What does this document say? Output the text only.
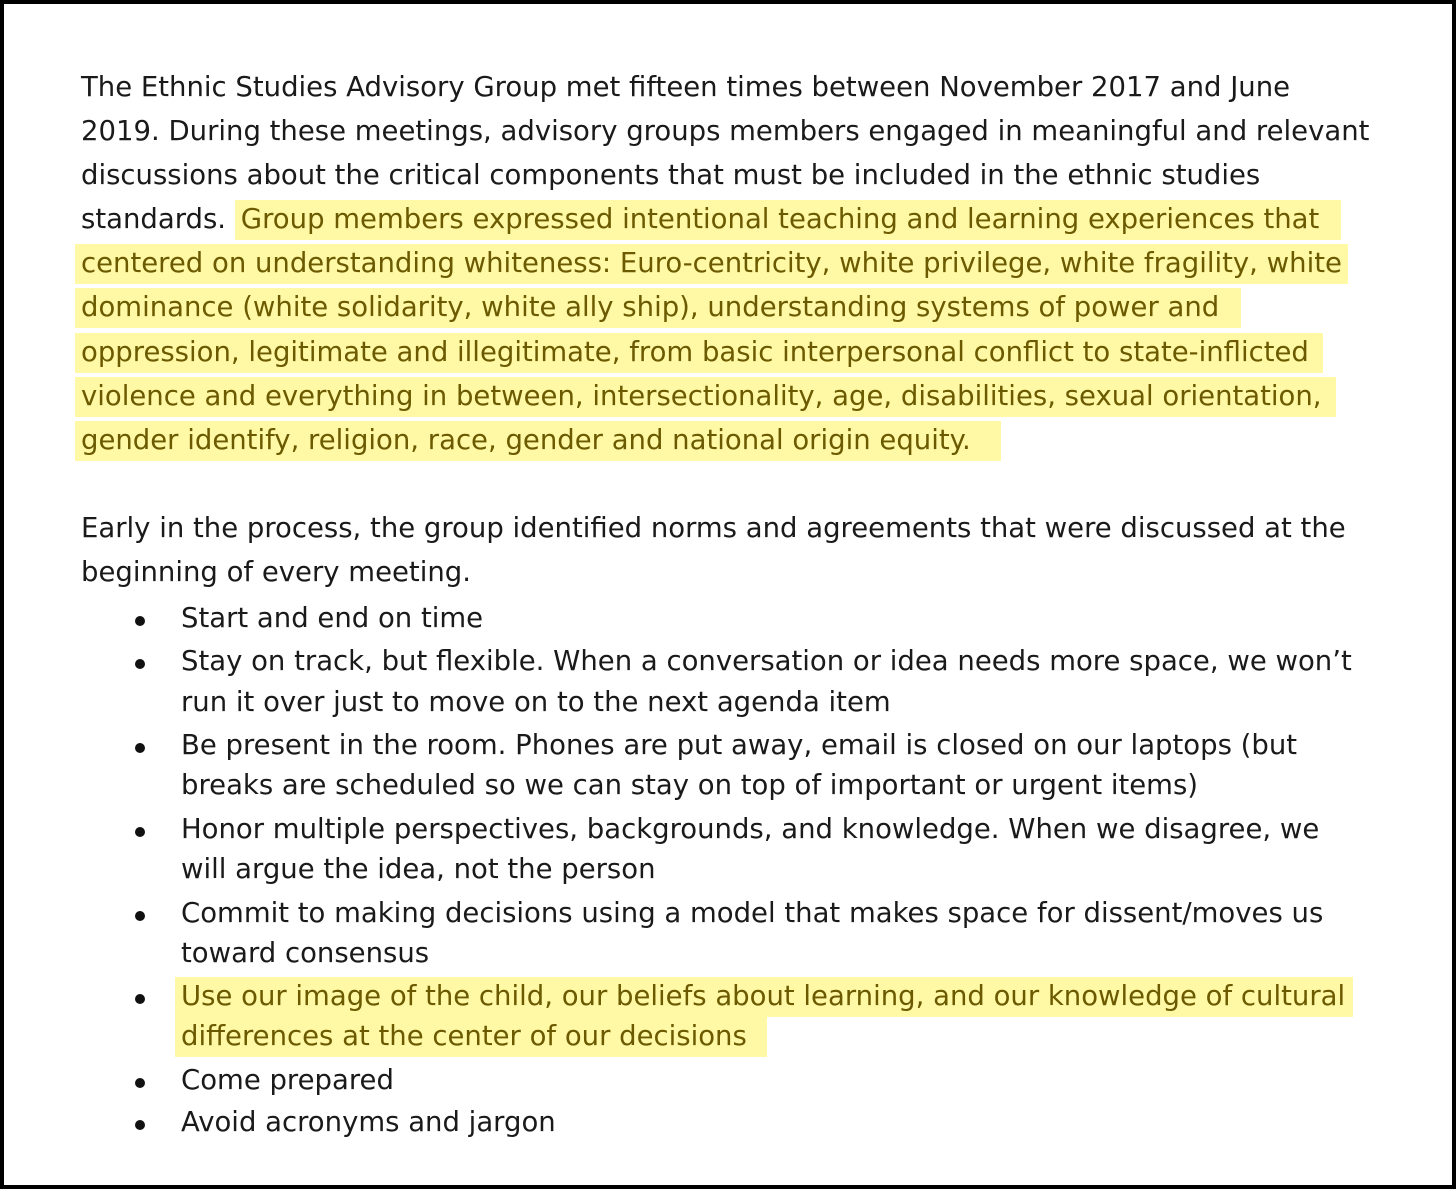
The Ethnic Studies Advisory Group met fifteen times between November 2017 and June
2019. During these meetings, advisory groups members engaged in meaningful and relevant
discussions about the critical components that must be included in the ethnic studies
standards. Group members expressed intentional teaching and learning experiences that
centered on understanding whiteness: Euro-centricity, white privilege, white fragility, white
dominance (white solidarity, white ally ship), understanding systems of power and
oppression, legitimate and illegitimate, from basic interpersonal conflict to state-inflicted
violence and everything in between, intersectionality, age, disabilities, sexual orientation,
gender identify, religion, race, gender and national origin equity.
Early in the process, the group identified norms and agreements that were discussed at the
beginning of every meeting.
Start and end on time
Stay on track, but flexible. When a conversation or idea needs more space, we won’t
run it over just to move on to the next agenda item
Be present in the room. Phones are put away, email is closed on our laptops (but
breaks are scheduled so we can stay on top of important or urgent items)
Honor multiple perspectives, backgrounds, and knowledge. When we disagree, we
will argue the idea, not the person
Commit to making decisions using a model that makes space for dissent/moves us
toward consensus
Use our image of the child, our beliefs about learning, and our knowledge of cultural
differences at the center of our decisions
Come prepared
Avoid acronyms and jargon
